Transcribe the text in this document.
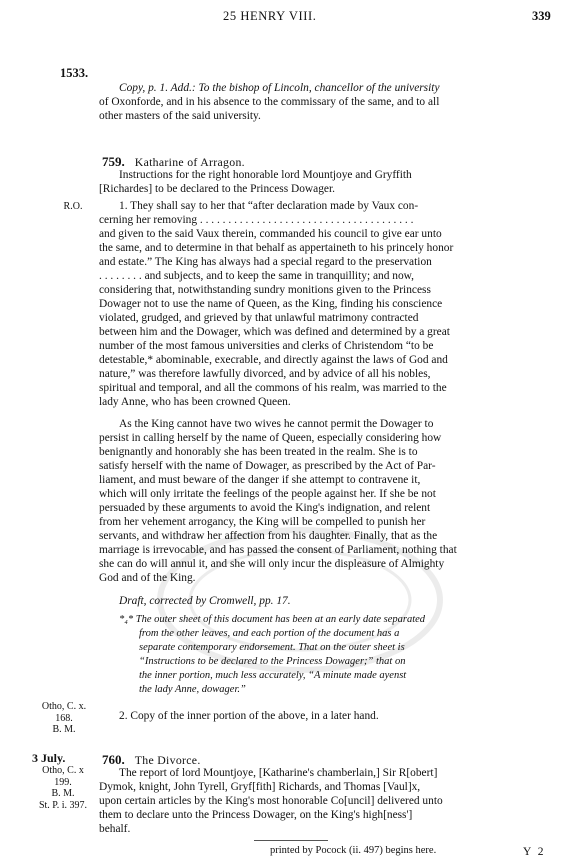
25 HENRY VIII.	339
1533.
Copy, p. 1. Add.: To the bishop of Lincoln, chancellor of the university
of Oxonforde, and in his absence to the commissary of the same, and to all
other masters of the said university.
759. Katharine of Arragon.
Instructions for the right honorable lord Mountjoye and Gryffith
[Richardes] to be declared to the Princess Dowager.
R.O.	1. They shall say to her that “after declaration made by Vaux con-
cerning her removing . . . . . . . . . . . . . . . . . . . . . . . . . . . . . . . . . . . . . .
and given to the said Vaux therein, commanded his council to give ear unto
the same, and to determine in that behalf as appertaineth to his princely honor
and estate.” The King has always had a special regard to the preservation
. . . . . . . . and subjects, and to keep the same in tranquillity; and now,
considering that, notwithstanding sundry monitions given to the Princess
Dowager not to use the name of Queen, as the King, finding his conscience
violated, grudged, and grieved by that unlawful matrimony contracted
between him and the Dowager, which was defined and determined by a great
number of the most famous universities and clerks of Christendom “to be
detestable,* abominable, execrable, and directly against the laws of God and
nature,” was therefore lawfully divorced, and by advice of all his nobles,
spiritual and temporal, and all the commons of his realm, was married to the
lady Anne, who has been crowned Queen.
As the King cannot have two wives he cannot permit the Dowager to
persist in calling herself by the name of Queen, especially considering how
benignantly and honorably she has been treated in the realm. She is to
satisfy herself with the name of Dowager, as prescribed by the Act of Par-
liament, and must beware of the danger if she attempt to contravene it,
which will only irritate the feelings of the people against her. If she be not
persuaded by these arguments to avoid the King's indignation, and relent
from her vehement arrogancy, the King will be compelled to punish her
servants, and withdraw her affection from his daughter. Finally, that as the
marriage is irrevocable, and has passed the consent of Parliament, nothing that
she can do will annul it, and she will only incur the displeasure of Almighty
God and of the King.
Draft, corrected by Cromwell, pp. 17.
*₄* The outer sheet of this document has been at an early date separated
from the other leaves, and each portion of the document has a
separate contemporary endorsement. That on the outer sheet is
“Instructions to be declared to the Princess Dowager;” that on
the inner portion, much less accurately, “A minute made ayenst
the lady Anne, dowager.”
Otho, C. x.
168.
B. M.
2. Copy of the inner portion of the above, in a later hand.
3 July.
Otho, C. x
199.
B. M.
St. P. i. 397.
760. The Divorce.
The report of lord Mountjoye, [Katharine's chamberlain,] Sir R[obert]
Dymok, knight, John Tyrell, Gryf[fith] Richards, and Thomas [Vaul]x,
upon certain articles by the King's most honorable Co[uncil] delivered unto
them to declare unto the Princess Dowager, on the King's high[ness']
behalf.
printed by Pocock (ii. 497) begins here.	Y 2
